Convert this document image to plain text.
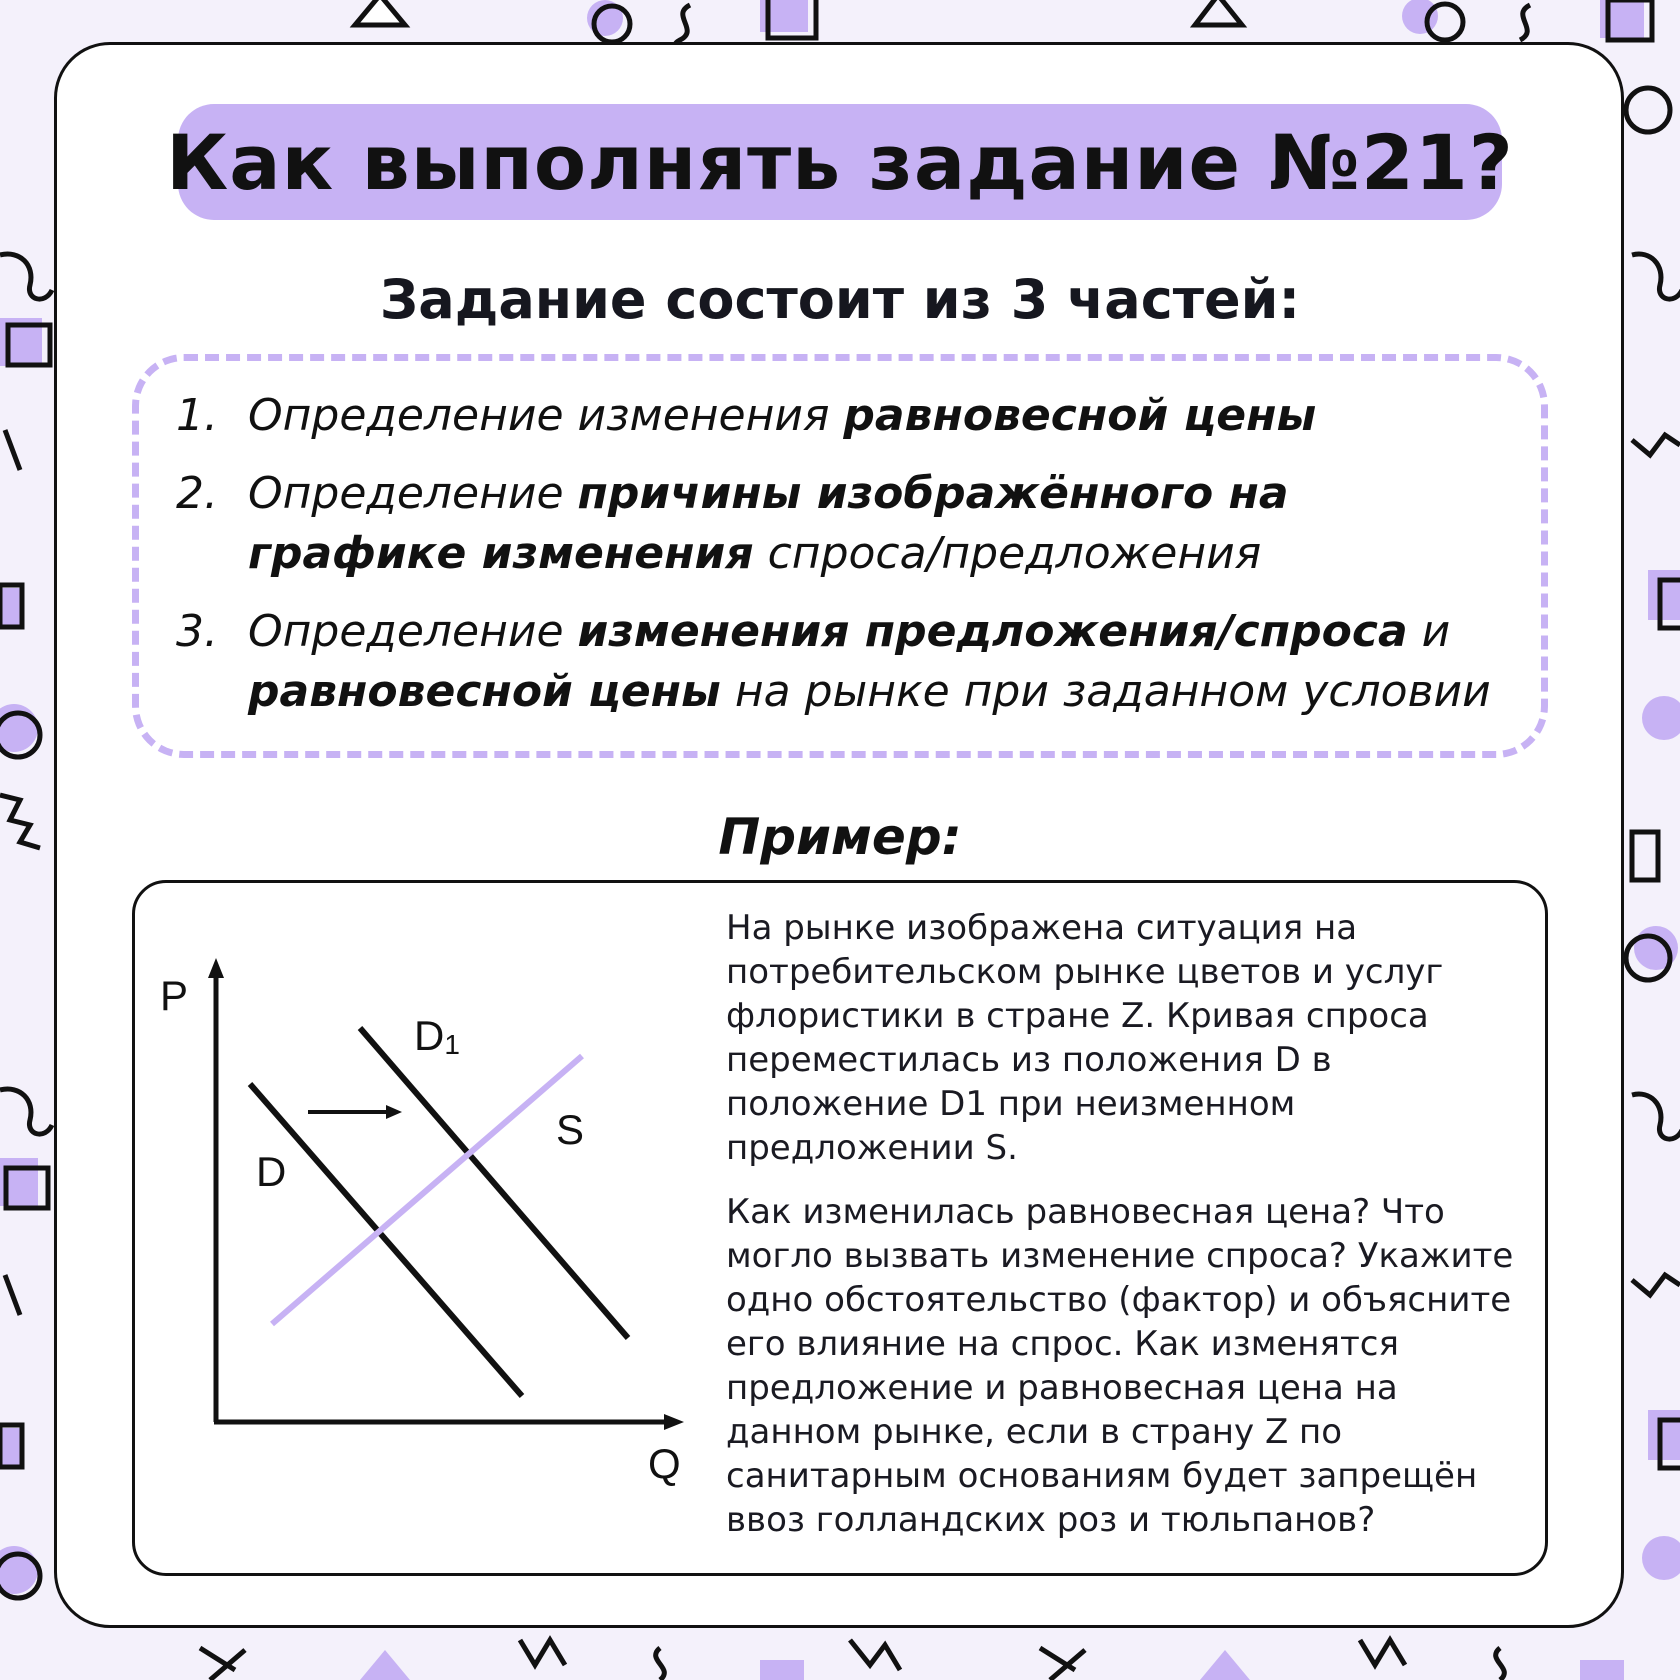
Как выполнять задание №21?
Задание состоит из 3 частей:
1. Определение изменения равновесной цены
2. Определение причины изображённого на графике изменения спроса/предложения
3. Определение изменения предложения/спроса и равновесной цены на рынке при заданном условии
Пример:
P
Q
D
D1
S

На рынке изображена ситуация на потребительском рынке цветов и услуг флористики в стране Z. Кривая спроса переместилась из положения D в положение D1 при неизменном предложении S.

Как изменилась равновесная цена? Что могло вызвать изменение спроса? Укажите одно обстоятельство (фактор) и объясните его влияние на спрос. Как изменятся предложение и равновесная цена на данном рынке, если в страну Z по санитарным основаниям будет запрещён ввоз голландских роз и тюльпанов?
